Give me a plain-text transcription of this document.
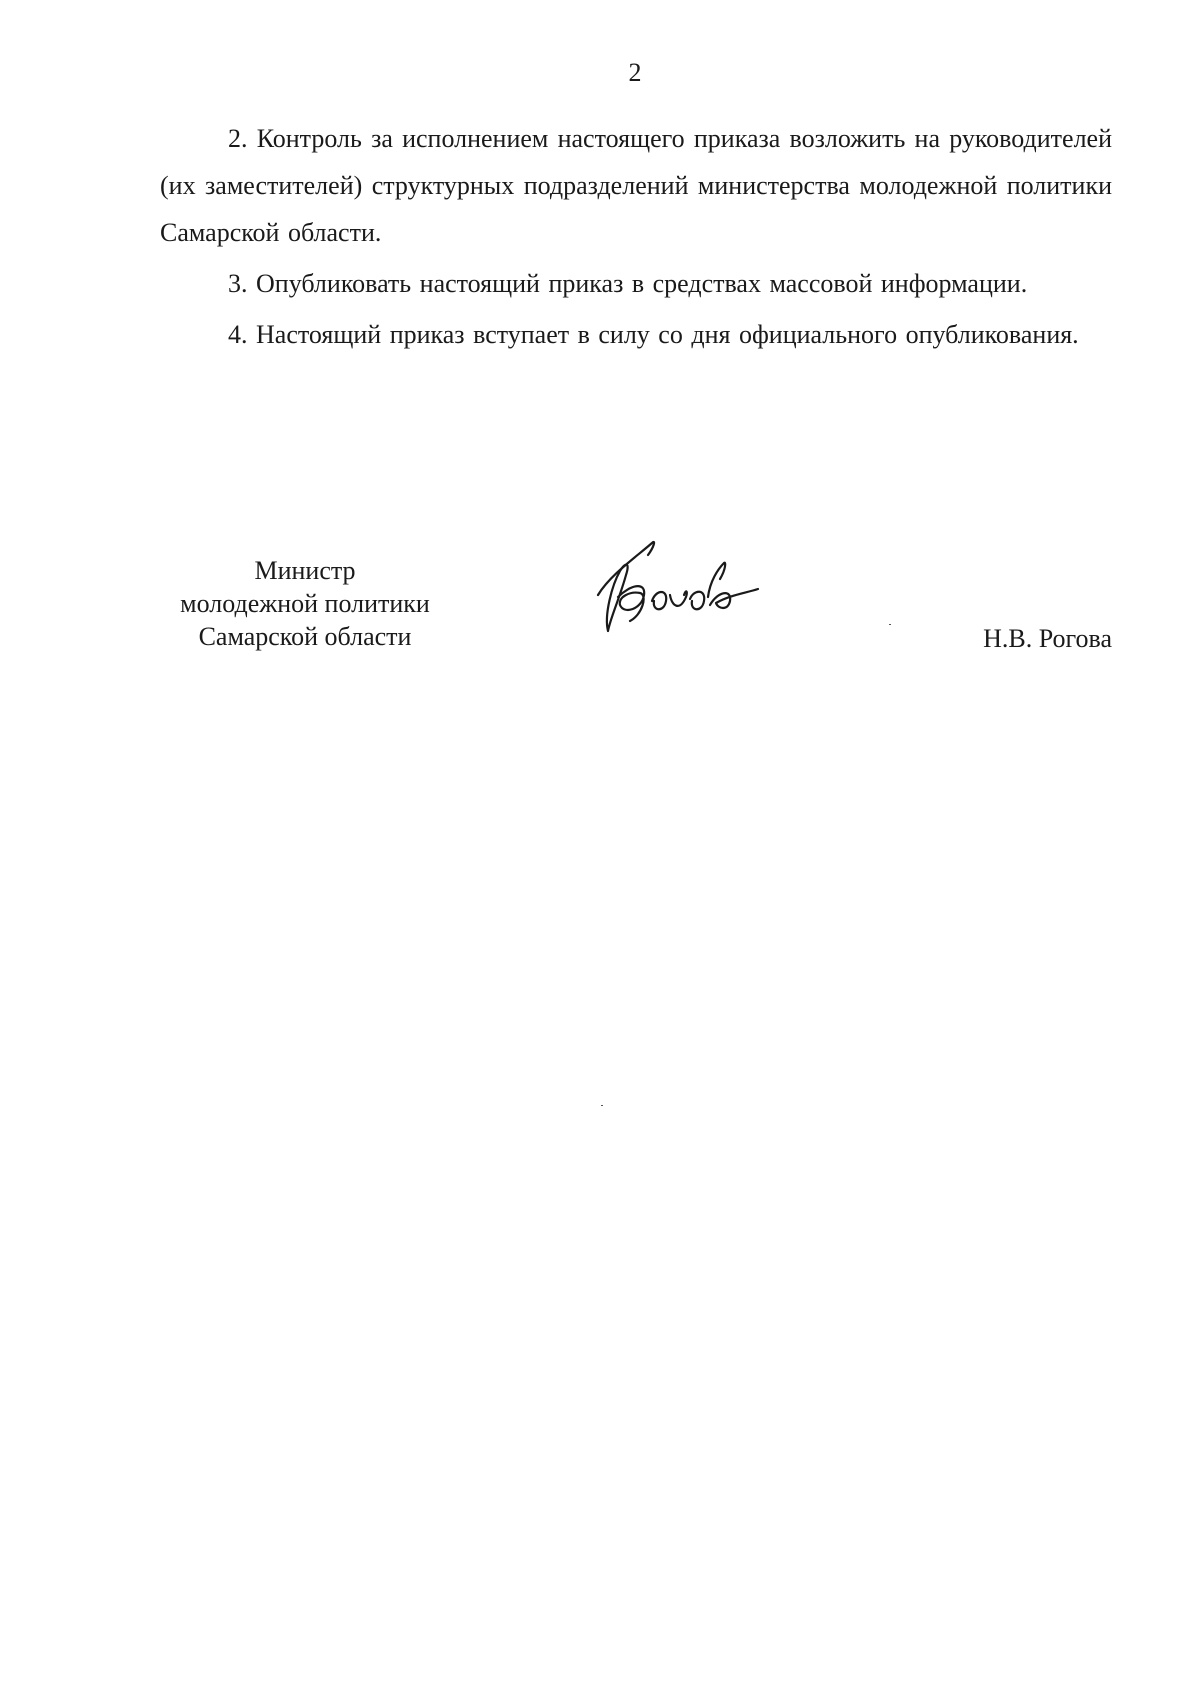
2

2. Контроль за исполнением настоящего приказа возложить на руководителей (их заместителей) структурных подразделений министерства молодежной политики Самарской области.

3. Опубликовать настоящий приказ в средствах массовой информации.

4. Настоящий приказ вступает в силу со дня официального опубликования.

Министр
молодежной политики
Самарской области	Н.В. Рогова
